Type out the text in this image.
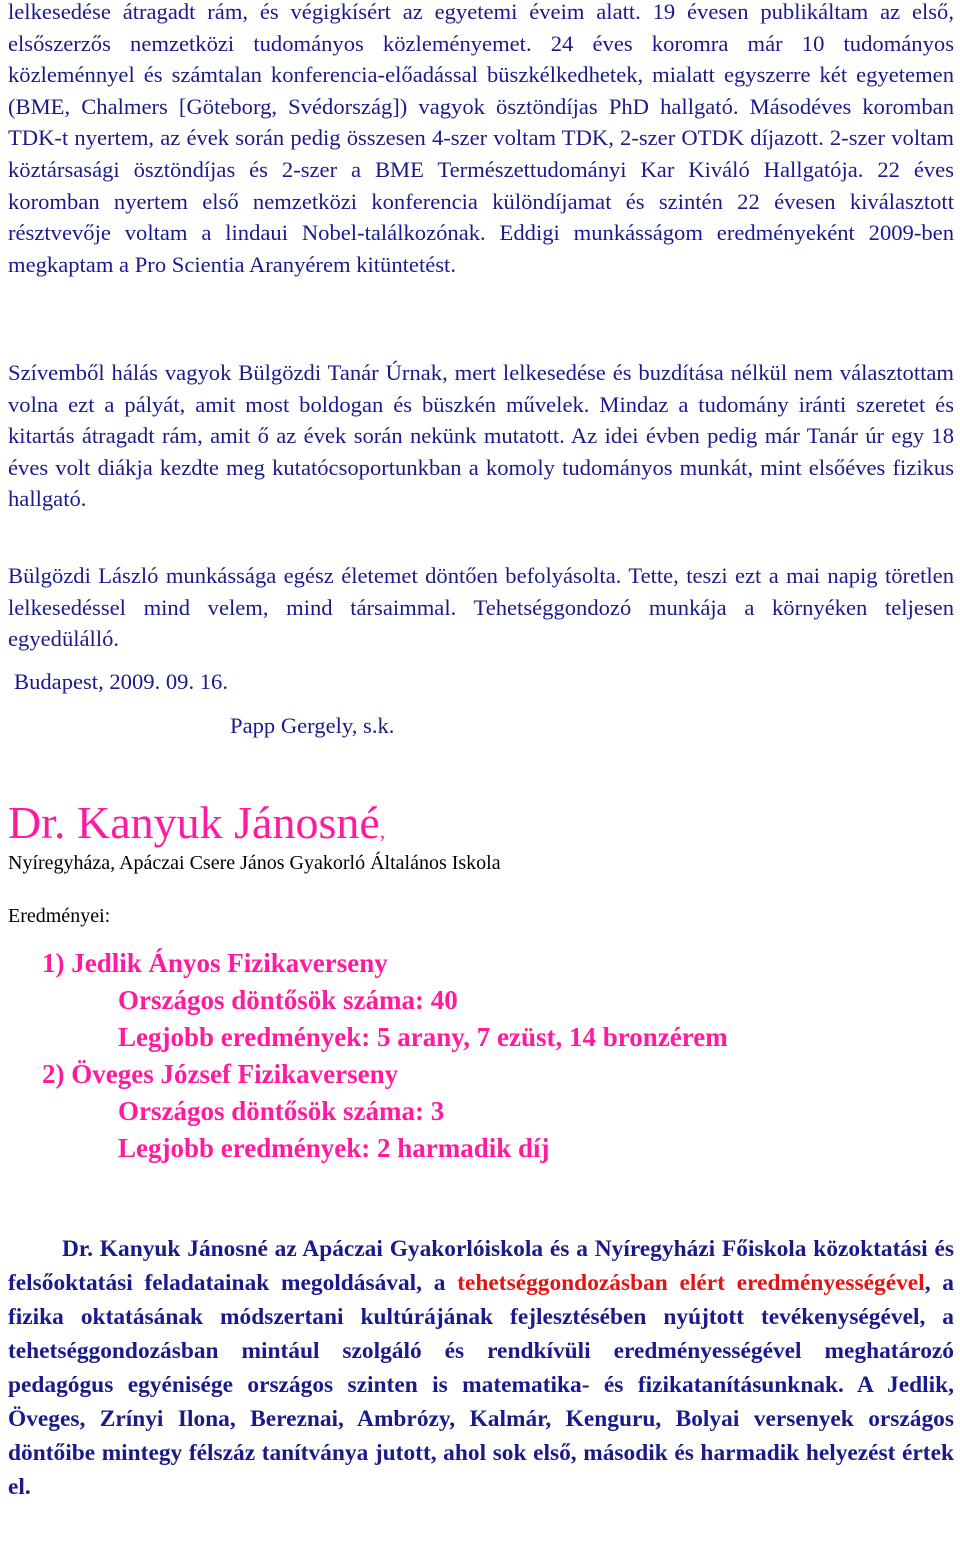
lelkesedése átragadt rám, és végigkísért az egyetemi éveim alatt. 19 évesen publikáltam az első, elsőszerzős nemzetközi tudományos közleményemet. 24 éves koromra már 10 tudományos közleménnyel és számtalan konferencia-előadással büszkélkedhetek, mialatt egyszerre két egyetemen (BME, Chalmers [Göteborg, Svédország]) vagyok ösztöndíjas PhD hallgató. Másodéves koromban TDK-t nyertem, az évek során pedig összesen 4-szer voltam TDK, 2-szer OTDK díjazott. 2-szer voltam köztársasági ösztöndíjas és 2-szer a BME Természettudományi Kar Kiváló Hallgatója. 22 éves koromban nyertem első nemzetközi konferencia különdíjamat és szintén 22 évesen kiválasztott résztvevője voltam a lindaui Nobel-találkozónak. Eddigi munkásságom eredményeként 2009-ben megkaptam a Pro Scientia Aranyérem kitüntetést.

Szívemből hálás vagyok Bülgözdi Tanár Úrnak, mert lelkesedése és buzdítása nélkül nem választottam volna ezt a pályát, amit most boldogan és büszkén művelek. Mindaz a tudomány iránti szeretet és kitartás átragadt rám, amit ő az évek során nekünk mutatott. Az idei évben pedig már Tanár úr egy 18 éves volt diákja kezdte meg kutatócsoportunkban a komoly tudományos munkát, mint elsőéves fizikus hallgató.

Bülgözdi László munkássága egész életemet döntően befolyásolta. Tette, teszi ezt a mai napig töretlen lelkesedéssel mind velem, mind társaimmal. Tehetséggondozó munkája a környéken teljesen egyedülálló.

Budapest, 2009. 09. 16.
Papp Gergely, s.k.
Dr. Kanyuk Jánosné,
Nyíregyháza, Apáczai Csere János Gyakorló Általános Iskola
Eredményei:
1) Jedlik Ányos Fizikaverseny
Országos döntősök száma: 40
Legjobb eredmények: 5 arany, 7 ezüst, 14 bronzérem
2) Öveges József Fizikaverseny
Országos döntősök száma: 3
Legjobb eredmények: 2 harmadik díj
Dr. Kanyuk Jánosné az Apáczai Gyakorlóiskola és a Nyíregyházi Főiskola közoktatási és felsőoktatási feladatainak megoldásával, a tehetséggondozásban elért eredményességével, a fizika oktatásának módszertani kultúrájának fejlesztésében nyújtott tevékenységével, a tehetséggondozásban mintául szolgáló és rendkívüli eredményességével meghatározó pedagógus egyénisége országos szinten is matematika- és fizikatanításunknak. A Jedlik, Öveges, Zrínyi Ilona, Bereznai, Ambrózy, Kalmár, Kenguru, Bolyai versenyek országos döntőibe mintegy félszáz tanítványa jutott, ahol sok első, második és harmadik helyezést értek el.
